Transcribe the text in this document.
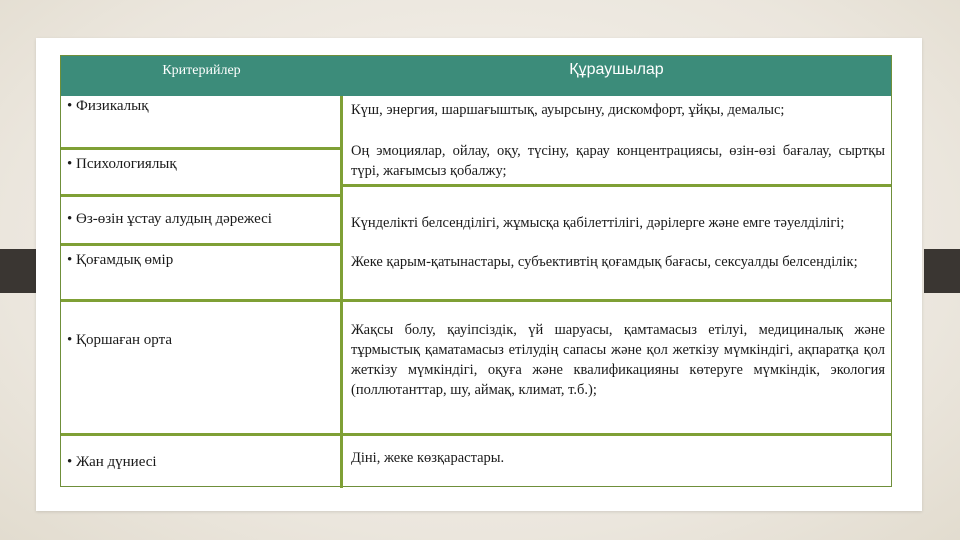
Критерийлер	Құраушылар
• Физикалық
• Психологиялық
• Өз-өзін ұстау алудың дәрежесі
• Қоғамдық өмір
• Қоршаған орта
• Жан дүниесі
Күш, энергия, шаршағыштық, ауырсыну, дискомфорт, ұйқы, демалыс;
Оң эмоциялар, ойлау, оқу, түсіну, қарау концентрациясы, өзін-өзі бағалау, сыртқы түрі, жағымсыз қобалжу;
Күнделікті белсенділігі, жұмысқа қабілеттілігі, дәрілерге және емге тәуелділігі;
Жеке қарым-қатынастары, субъективтің қоғамдық бағасы, сексуалды белсенділік;
Жақсы болу, қауіпсіздік, үй шаруасы, қамтамасыз етілуі, медициналық және тұрмыстық қаматамасыз етілудің сапасы және қол жеткізу мүмкіндігі, ақпаратқа қол жеткізу мүмкіндігі, оқуға және квалификацияны көтеруге мүмкіндік, экология (поллютанттар, шу, аймақ, климат, т.б.);
Діні, жеке көзқарастары.
